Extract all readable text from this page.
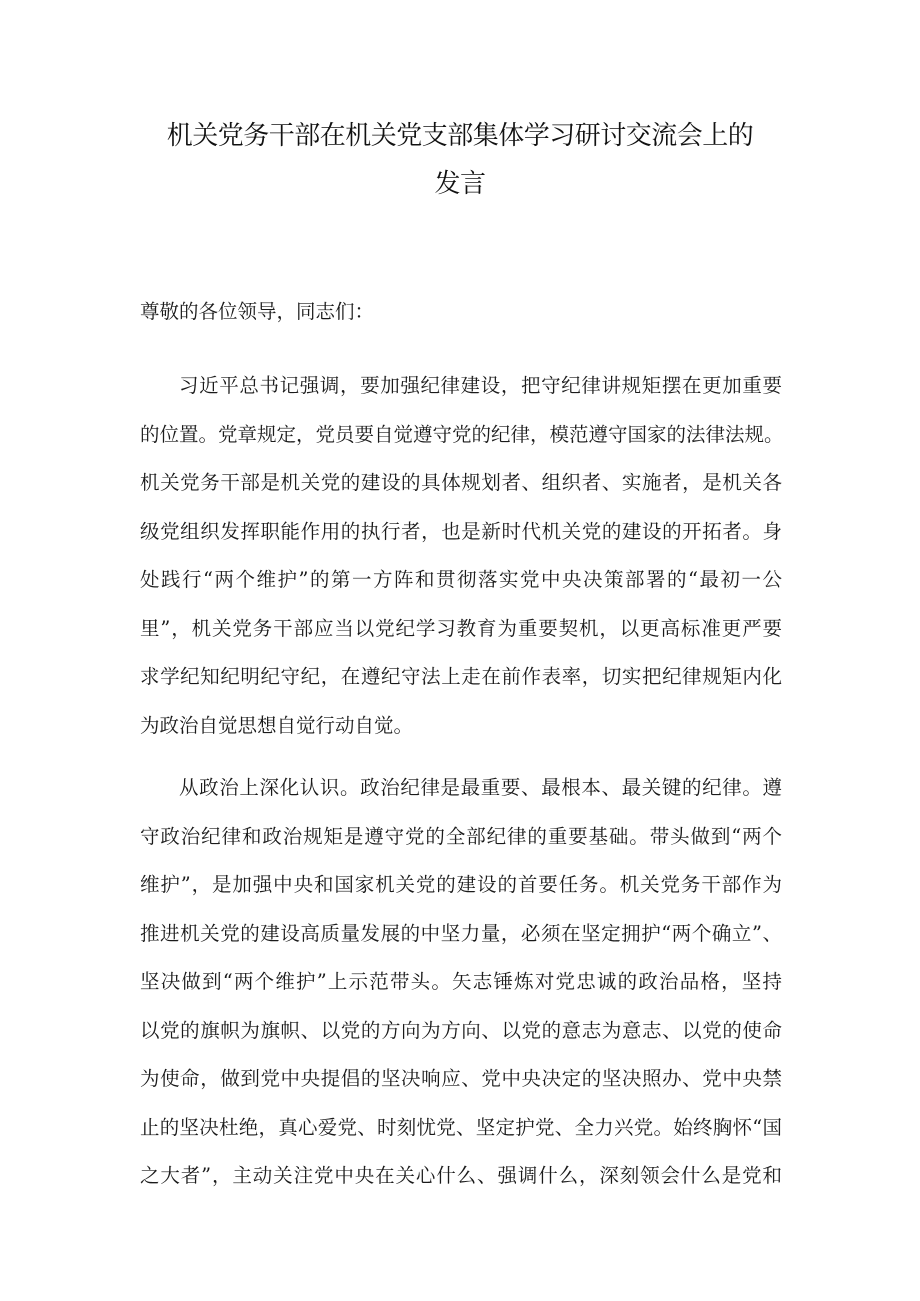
机关党务干部在机关党支部集体学习研讨交流会上的
发言
尊敬的各位领导，同志们：
习近平总书记强调，要加强纪律建设，把守纪律讲规矩摆在更加重要
的位置。党章规定，党员要自觉遵守党的纪律，模范遵守国家的法律法规。
机关党务干部是机关党的建设的具体规划者、组织者、实施者，是机关各
级党组织发挥职能作用的执行者，也是新时代机关党的建设的开拓者。身
处践行“两个维护”的第一方阵和贯彻落实党中央决策部署的“最初一公
里”，机关党务干部应当以党纪学习教育为重要契机，以更高标准更严要
求学纪知纪明纪守纪，在遵纪守法上走在前作表率，切实把纪律规矩内化
为政治自觉思想自觉行动自觉。
从政治上深化认识。政治纪律是最重要、最根本、最关键的纪律。遵
守政治纪律和政治规矩是遵守党的全部纪律的重要基础。带头做到“两个
维护”，是加强中央和国家机关党的建设的首要任务。机关党务干部作为
推进机关党的建设高质量发展的中坚力量，必须在坚定拥护“两个确立”、
坚决做到“两个维护”上示范带头。矢志锤炼对党忠诚的政治品格，坚持
以党的旗帜为旗帜、以党的方向为方向、以党的意志为意志、以党的使命
为使命，做到党中央提倡的坚决响应、党中央决定的坚决照办、党中央禁
止的坚决杜绝，真心爱党、时刻忧党、坚定护党、全力兴党。始终胸怀“国
之大者”，主动关注党中央在关心什么、强调什么，深刻领会什么是党和
